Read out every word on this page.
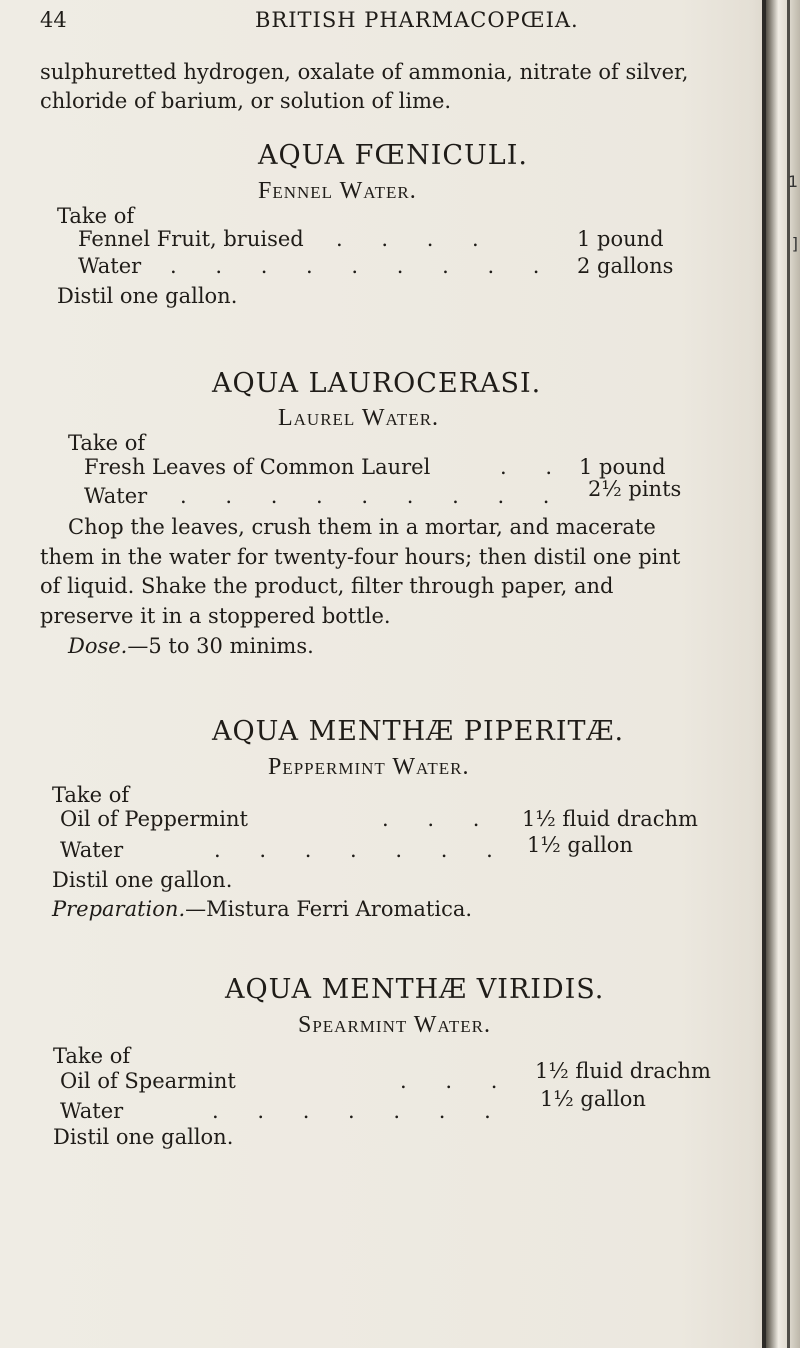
44	BRITISH PHARMACOPŒIA.
sulphuretted hydrogen, oxalate of ammonia, nitrate of silver,
chloride of barium, or solution of lime.
AQUA FŒNICULI.
Fennel Water.
Take of
Fennel Fruit, bruised . . . .	1 pound
Water . . . . . . . . . 2 gallons
Distil one gallon.
AQUA LAUROCERASI.
Laurel Water.
Take of
Fresh Leaves of Common Laurel	. . 1 pound
Water . . . . . . . . . 2½ pints
Chop the leaves, crush them in a mortar, and macerate
them in the water for twenty-four hours; then distil one pint
of liquid. Shake the product, filter through paper, and
preserve it in a stoppered bottle.
Dose.—5 to 30 minims.
AQUA MENTHÆ PIPERITÆ.
Peppermint Water.
Take of
Oil of Peppermint	. . . 1½ fluid drachm
Water	. . . . . . . 1½ gallon
Distil one gallon.
Preparation.—Mistura Ferri Aromatica.
AQUA MENTHÆ VIRIDIS.
Spearmint Water.
Take of
Oil of Spearmint	. . . 1½ fluid drachm
Water	. . . . . . . 1½ gallon
Distil one gallon.
1
]
